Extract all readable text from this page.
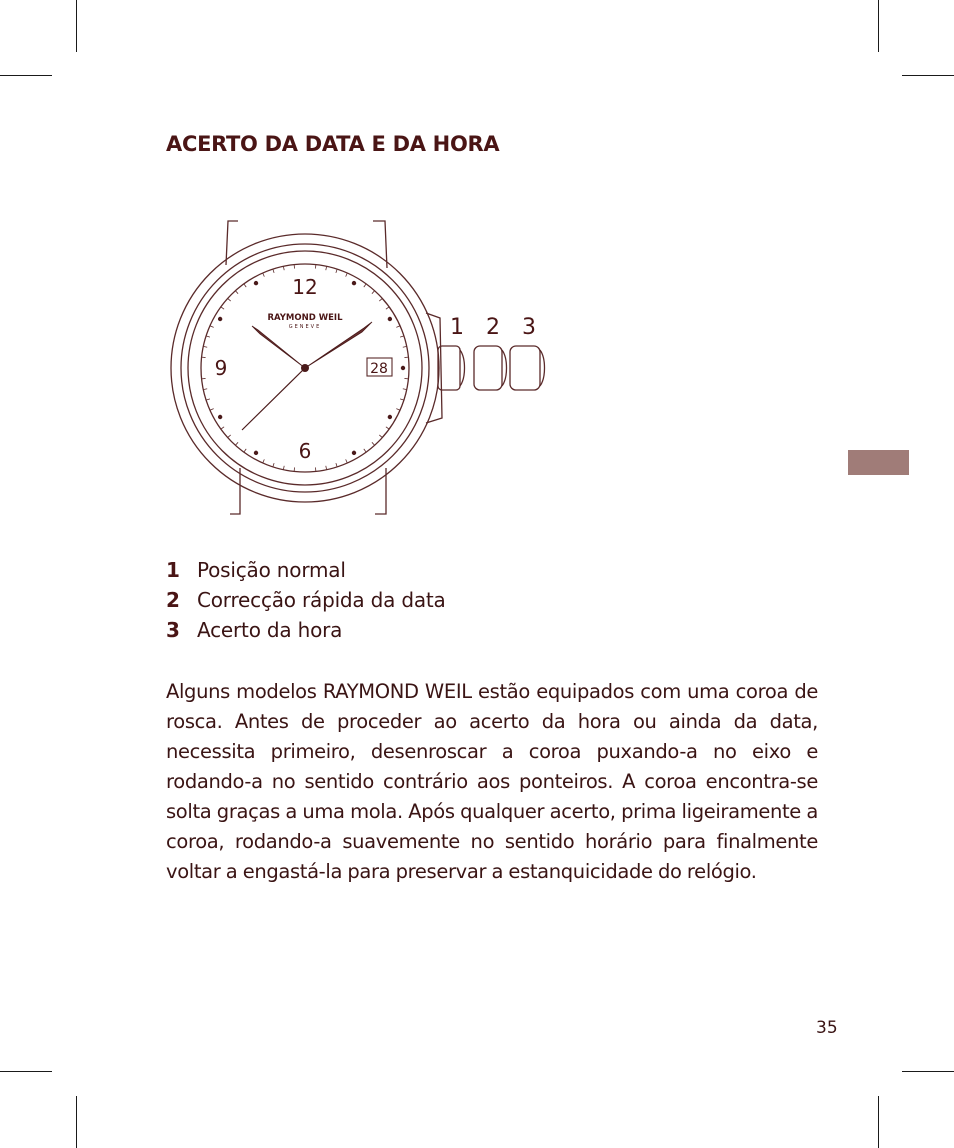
ACERTO DA DATA E DA HORA
12
9
6
28
RAYMOND WEIL
GENEVE	1 2 3
1 Posição normal
2 Correcção rápida da data
3 Acerto da hora

Alguns modelos RAYMOND WEIL estão equipados com uma coroa de rosca. Antes de proceder ao acerto da hora ou ainda da data, necessita primeiro, desenroscar a coroa puxando-a no eixo e rodando-a no sentido contrário aos ponteiros. A coroa encontra-se solta graças a uma mola. Após qualquer acerto, prima ligeiramente a coroa, rodando-a suavemente no sentido horário para finalmente voltar a engastá-la para preservar a estanquicidade do relógio.

35
